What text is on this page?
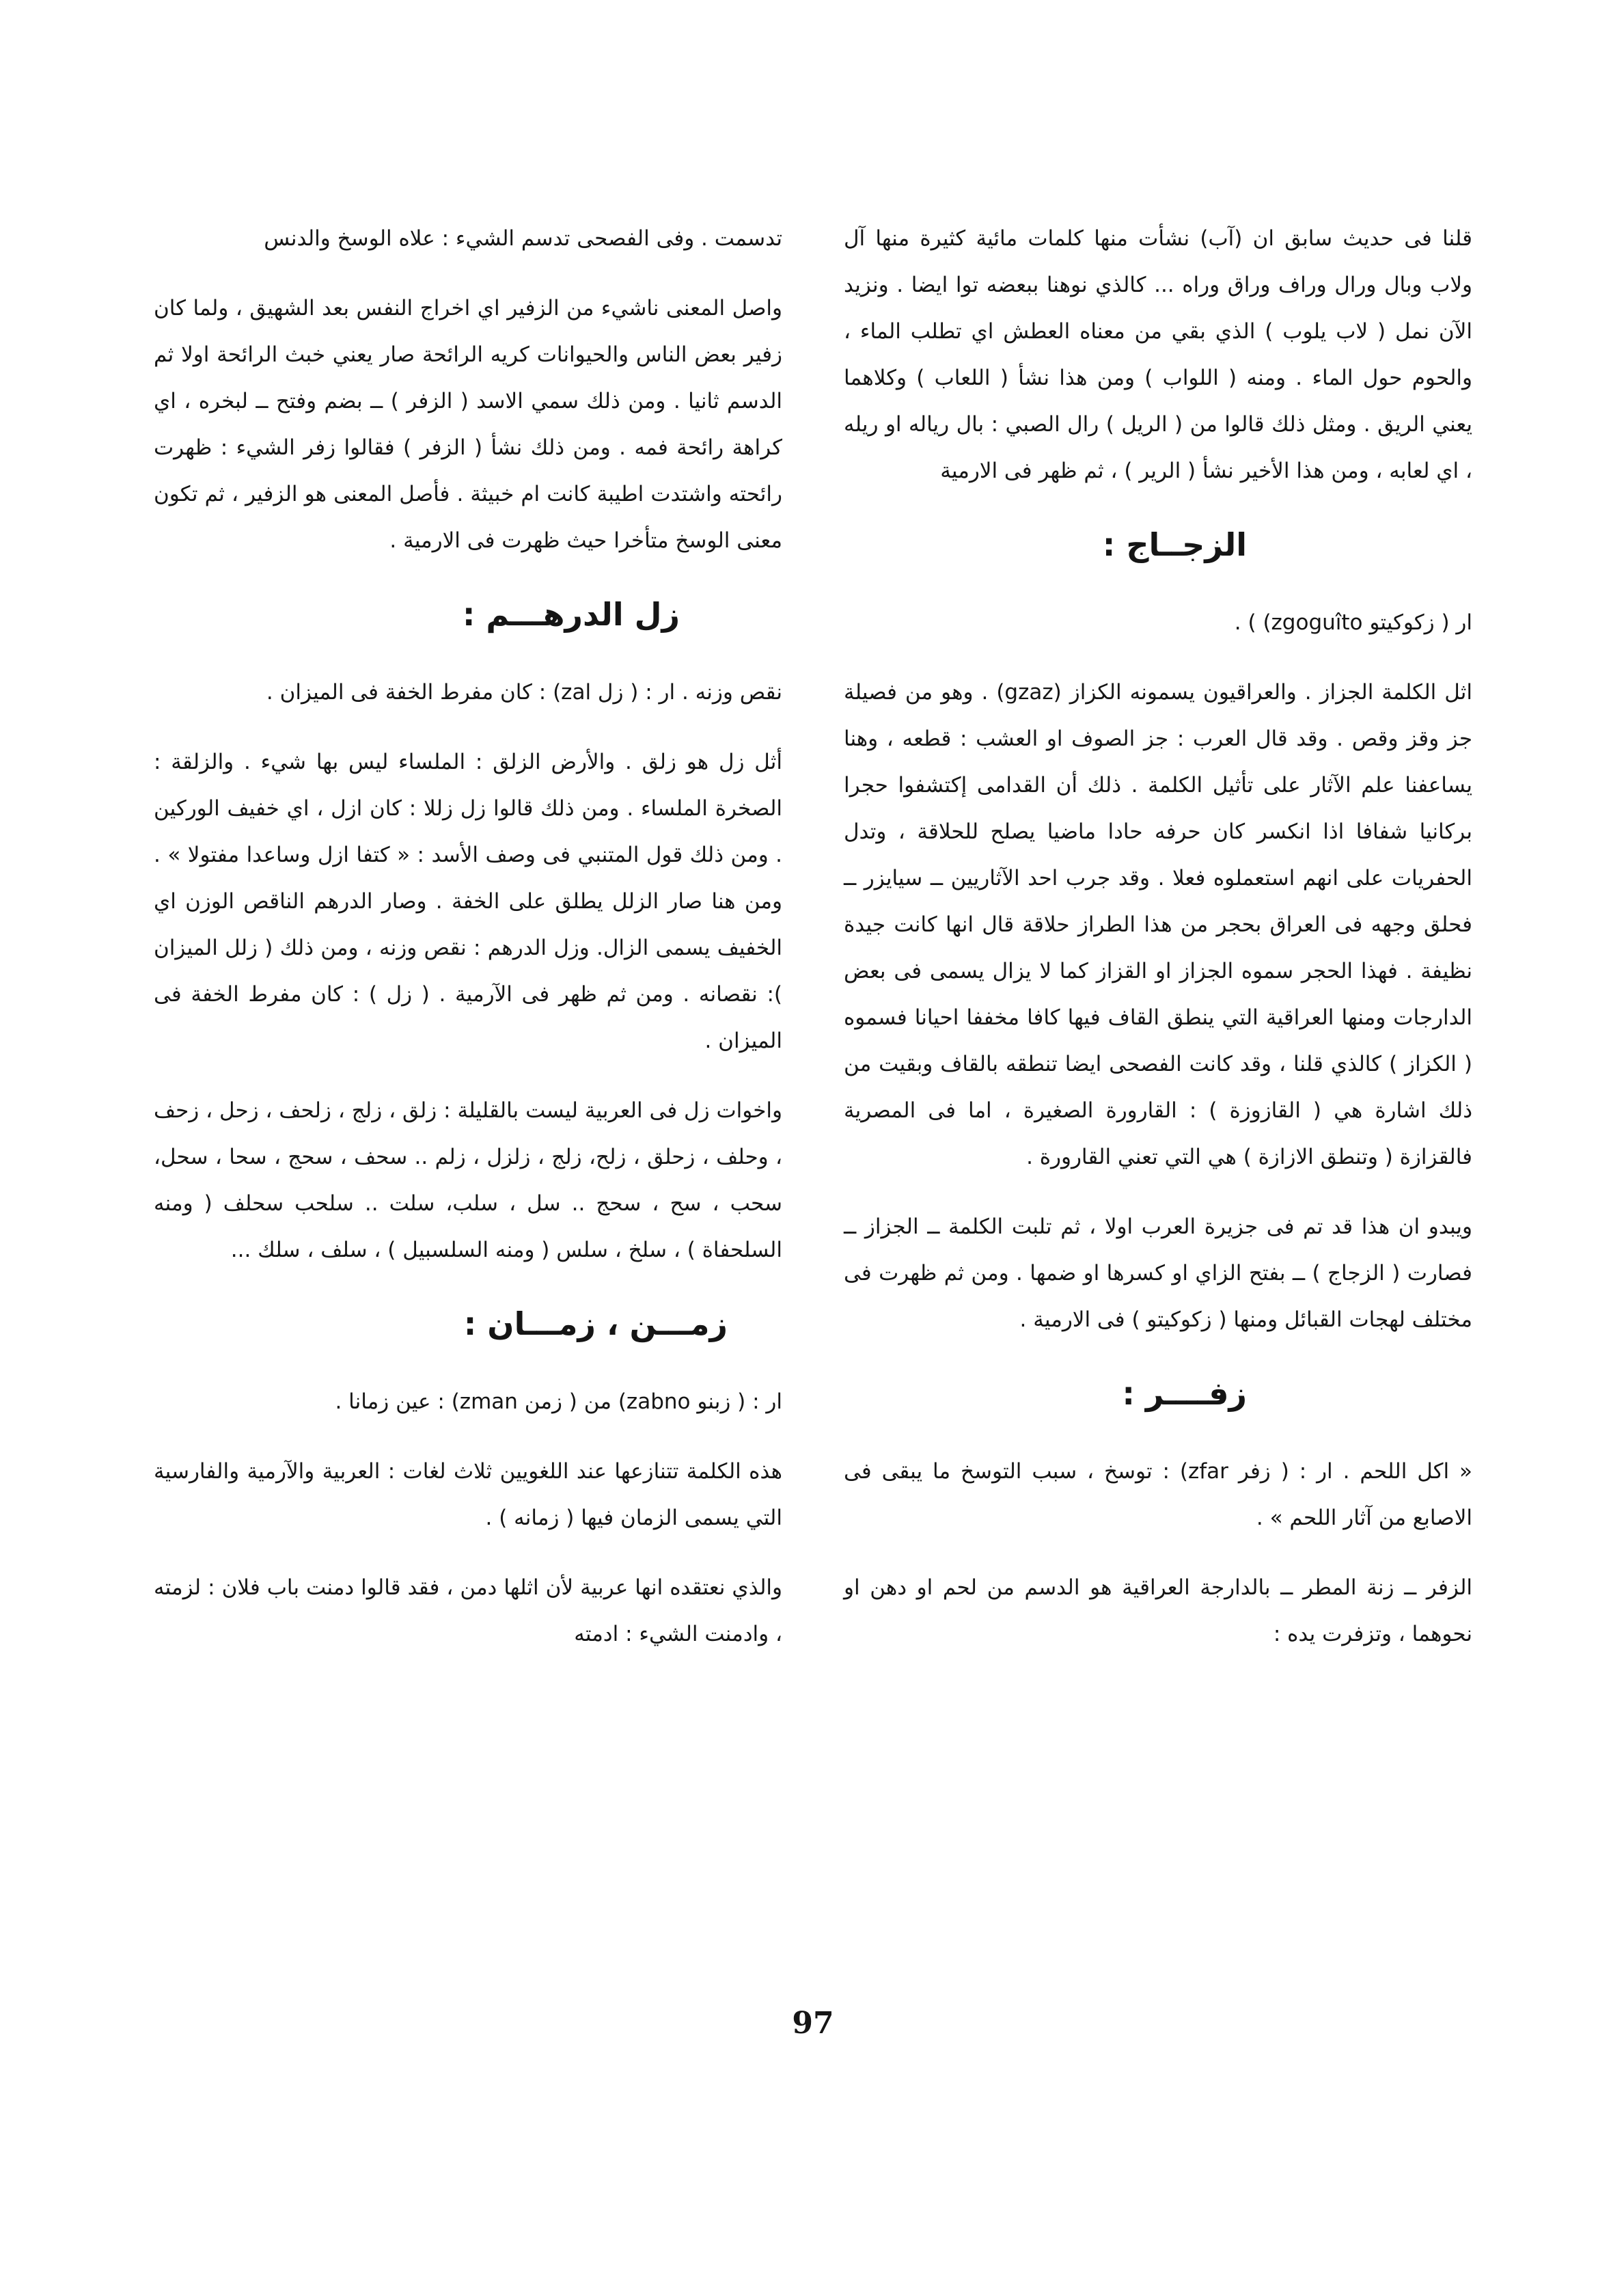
قلنا فى حديث سابق ان (آب) نشأت منها كلمات مائية كثيرة منها آل ولاب وبال ورال وراف وراق وراه ... كالذي نوهنا ببعضه توا ايضا . ونزيد الآن نمل ( لاب يلوب ) الذي بقي من معناه العطش اي تطلب الماء ، والحوم حول الماء . ومنه ( اللواب ) ومن هذا نشأ ( اللعاب ) وكلاهما يعني الريق . ومثل ذلك قالوا من ( الريل ) رال الصبي : بال رياله او ريله ، اي لعابه ، ومن هذا الأخير نشأ ( الرير ) ، ثم ظهر فى الارمية

الزجــاج :

ار ( زكوكيتو (zgoguîto ) .

اثل الكلمة الجزاز . والعراقيون يسمونه الكزاز (gzaz) . وهو من فصيلة جز وقز وقص . وقد قال العرب : جز الصوف او العشب : قطعه ، وهنا يساعفنا علم الآثار على تأثيل الكلمة . ذلك أن القدامى إكتشفوا حجرا بركانيا شفافا اذا انكسر كان حرفه حادا ماضيا يصلح للحلاقة ، وتدل الحفريات على انهم استعملوه فعلا . وقد جرب احد الآثاريين ــ سيايزر ــ فحلق وجهه فى العراق بحجر من هذا الطراز حلاقة قال انها كانت جيدة نظيفة . فهذا الحجر سموه الجزاز او القزاز كما لا يزال يسمى فى بعض الدارجات ومنها العراقية التي ينطق القاف فيها كافا مخففا احيانا فسموه ( الكزاز ) كالذي قلنا ، وقد كانت الفصحى ايضا تنطقه بالقاف وبقيت من ذلك اشارة هي ( القازوزة ) : القارورة الصغيرة ، اما فى المصرية فالقزازة ( وتنطق الازازة ) هي التي تعني القارورة .

ويبدو ان هذا قد تم فى جزيرة العرب اولا ، ثم تلبت الكلمة ــ الجزاز ــ فصارت ( الزجاج ) ــ بفتح الزاي او كسرها او ضمها . ومن ثم ظهرت فى مختلف لهجات القبائل ومنها ( زكوكيتو ) فى الارمية .

زفــــر :

« اكل اللحم . ار : ( زفر (zfar : توسخ ، سبب التوسخ ما يبقى فى الاصابع من آثار اللحم » .

الزفر ــ زنة المطر ــ بالدارجة العراقية هو الدسم من لحم او دهن او نحوهما ، وتزفرت يده :

تدسمت . وفى الفصحى تدسم الشيء : علاه الوسخ والدنس

واصل المعنى ناشيء من الزفير اي اخراج النفس بعد الشهيق ، ولما كان زفير بعض الناس والحيوانات كريه الرائحة صار يعني خبث الرائحة اولا ثم الدسم ثانيا . ومن ذلك سمي الاسد ( الزفر ) ــ بضم وفتح ــ لبخره ، اي كراهة رائحة فمه . ومن ذلك نشأ ( الزفر ) فقالوا زفر الشيء : ظهرت رائحته واشتدت اطيبة كانت ام خبيثة . فأصل المعنى هو الزفير ، ثم تكون معنى الوسخ متأخرا حيث ظهرت فى الارمية .

زل الدرهـــم :

نقص وزنه . ار : ( زل (zal : كان مفرط الخفة فى الميزان .

أثل زل هو زلق . والأرض الزلق : الملساء ليس بها شيء . والزلقة : الصخرة الملساء . ومن ذلك قالوا زل زللا : كان ازل ، اي خفيف الوركين . ومن ذلك قول المتنبي فى وصف الأسد : « كتفا ازل وساعدا مفتولا » . ومن هنا صار الزلل يطلق على الخفة . وصار الدرهم الناقص الوزن اي الخفيف يسمى الزال. وزل الدرهم : نقص وزنه ، ومن ذلك ( زلل الميزان ): نقصانه . ومن ثم ظهر فى الآرمية . ( زل ) : كان مفرط الخفة فى الميزان .

واخوات زل فى العربية ليست بالقليلة : زلق ، زلج ، زلحف ، زحل ، زحف ، وحلف ، زحلق ، زلح، زلج ، زلزل ، زلم .. سحف ، سحج ، سحا ، سحل، سحب ، سح ، سحج .. سل ، سلب، سلت .. سلحب سحلف ( ومنه السلحفاة ) ، سلخ ، سلس ( ومنه السلسبيل ) ، سلف ، سلك ...

زمـــن ، زمـــان :

ار : ( زبنو (zabno من ( زمن (zman : عين زمانا .

هذه الكلمة تتنازعها عند اللغويين ثلاث لغات : العربية والآرمية والفارسية التي يسمى الزمان فيها ( زمانه ) .

والذي نعتقده انها عربية لأن اثلها دمن ، فقد قالوا دمنت باب فلان : لزمته ، وادمنت الشيء : ادمته

97
